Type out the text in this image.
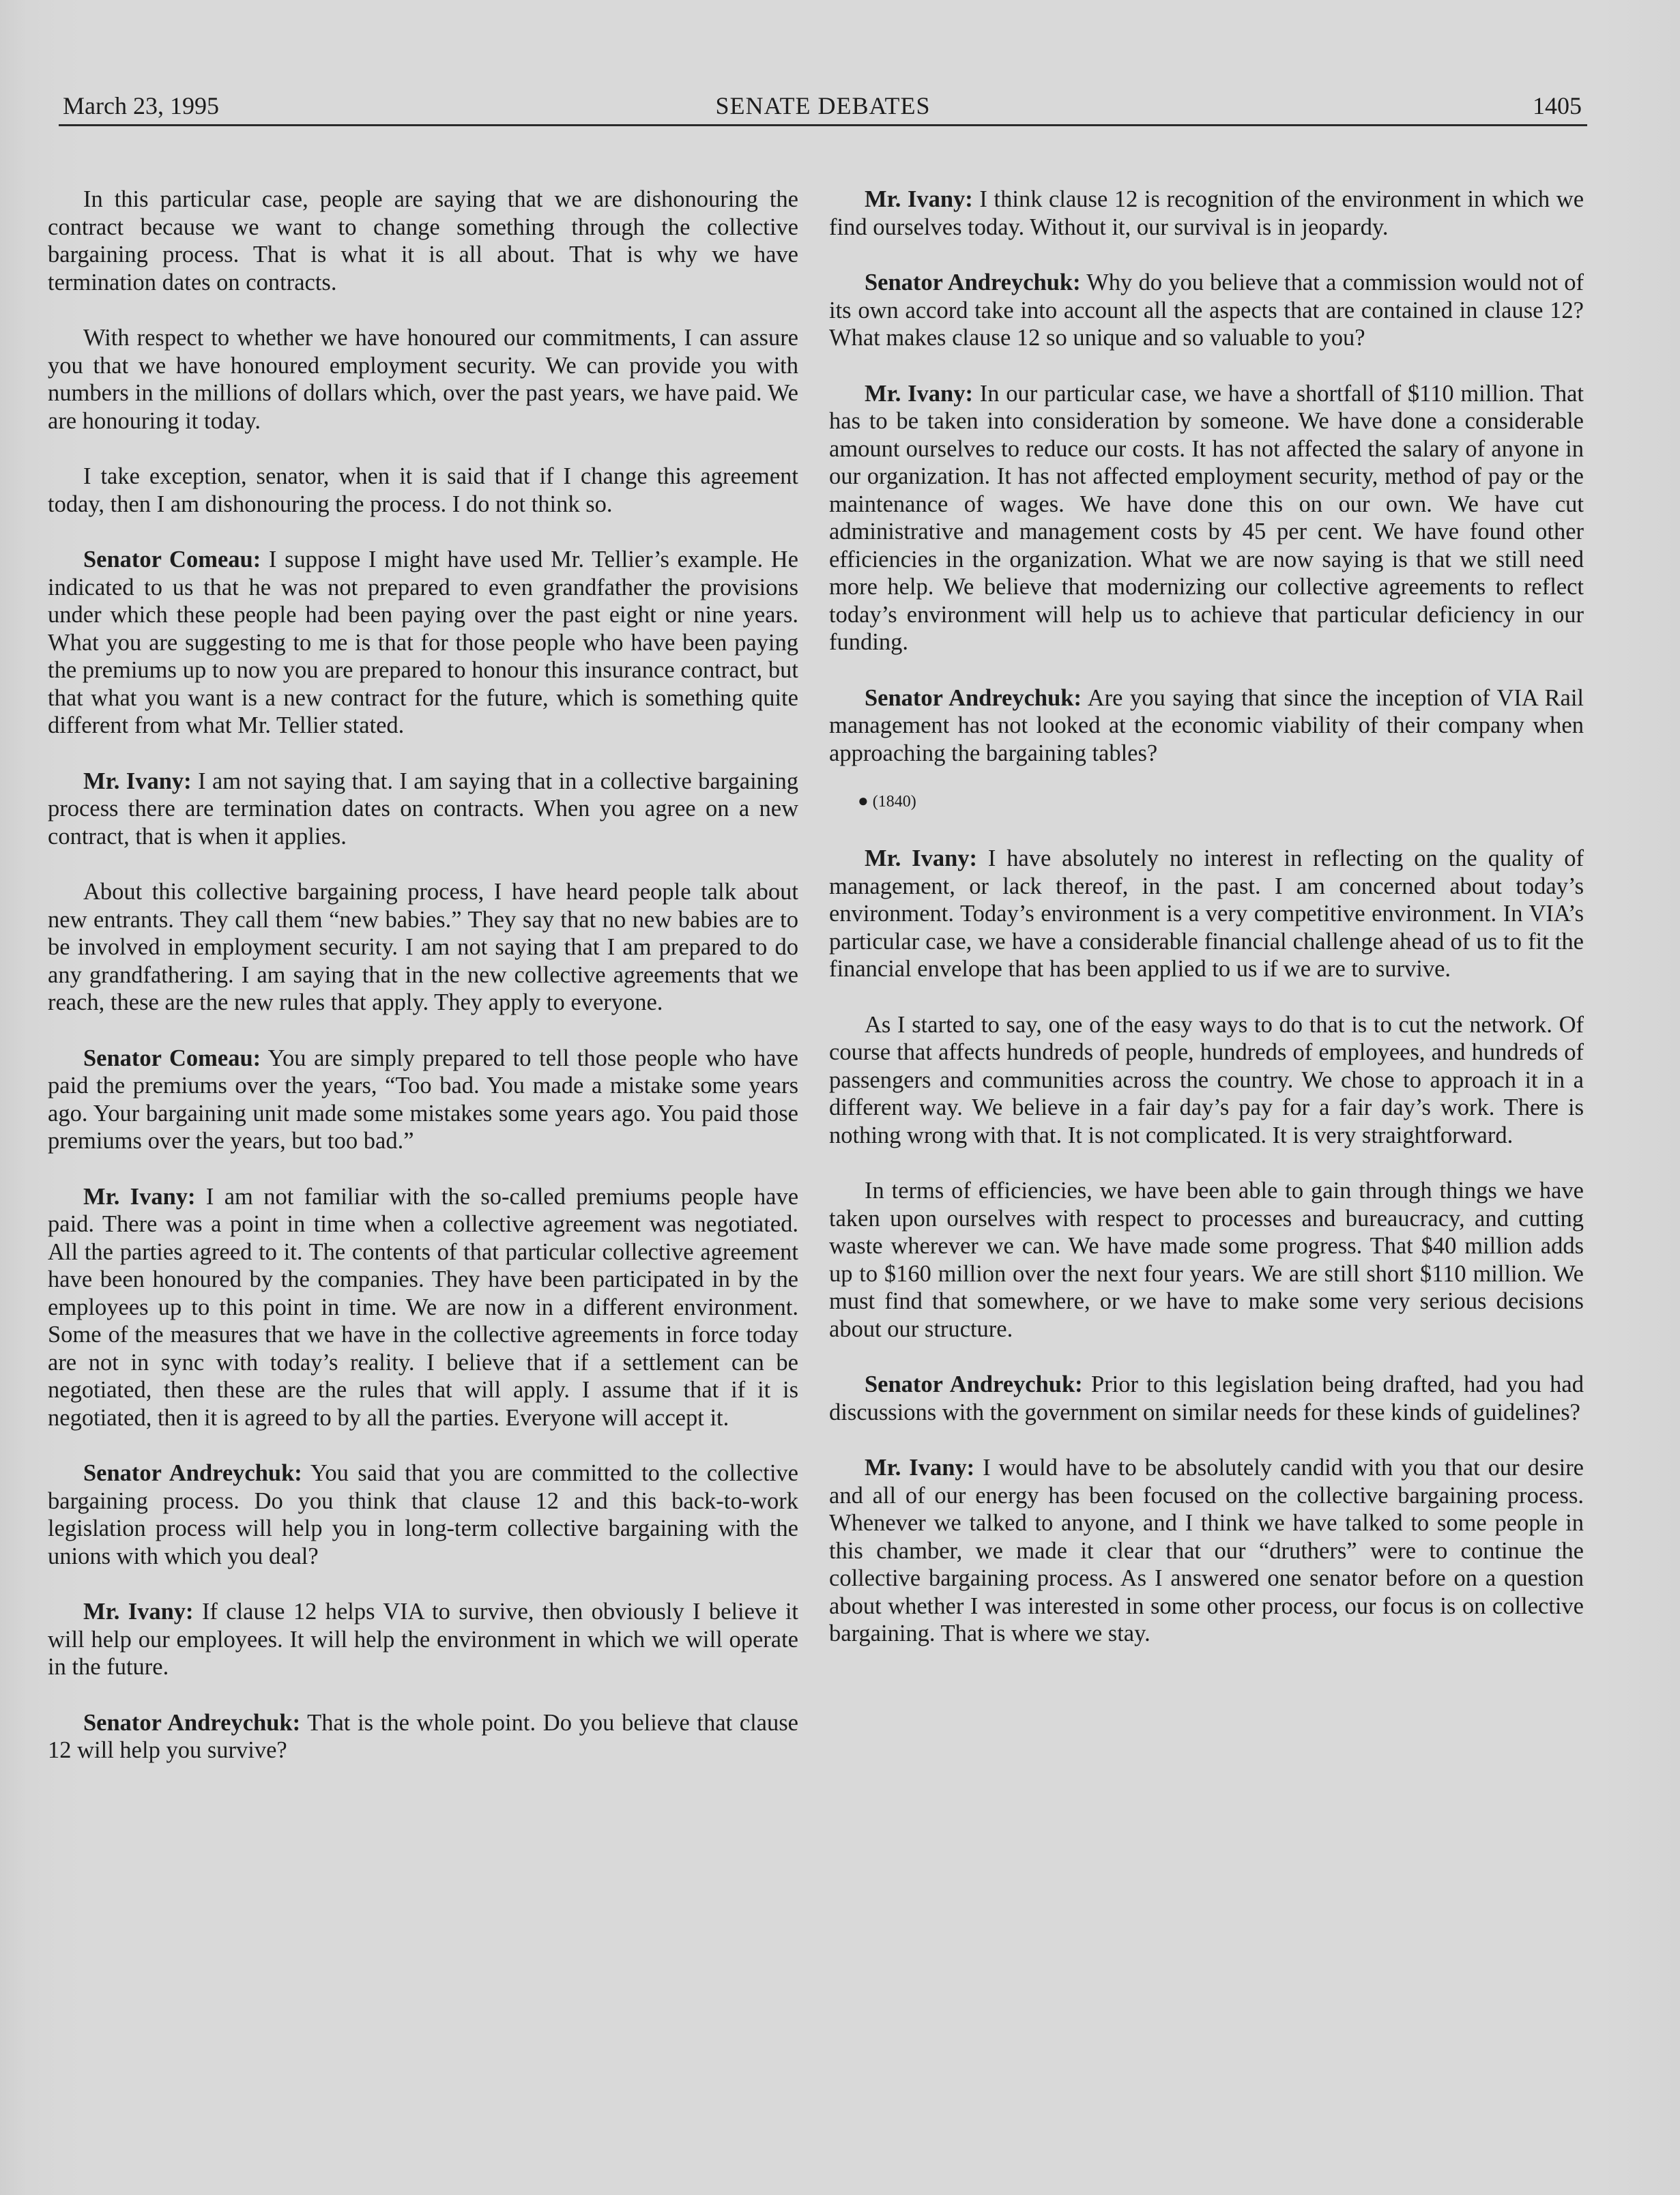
March 23, 1995	SENATE DEBATES	1405

In this particular case, people are saying that we are dishonouring the contract because we want to change something through the collective bargaining process. That is what it is all about. That is why we have termination dates on contracts.

With respect to whether we have honoured our commitments, I can assure you that we have honoured employment security. We can provide you with numbers in the millions of dollars which, over the past years, we have paid. We are honouring it today.

I take exception, senator, when it is said that if I change this agreement today, then I am dishonouring the process. I do not think so.

Senator Comeau: I suppose I might have used Mr. Tellier’s example. He indicated to us that he was not prepared to even grandfather the provisions under which these people had been paying over the past eight or nine years. What you are suggesting to me is that for those people who have been paying the premiums up to now you are prepared to honour this insurance contract, but that what you want is a new contract for the future, which is something quite different from what Mr. Tellier stated.

Mr. Ivany: I am not saying that. I am saying that in a collective bargaining process there are termination dates on contracts. When you agree on a new contract, that is when it applies.

About this collective bargaining process, I have heard people talk about new entrants. They call them “new babies.” They say that no new babies are to be involved in employment security. I am not saying that I am prepared to do any grandfathering. I am saying that in the new collective agreements that we reach, these are the new rules that apply. They apply to everyone.

Senator Comeau: You are simply prepared to tell those people who have paid the premiums over the years, “Too bad. You made a mistake some years ago. Your bargaining unit made some mistakes some years ago. You paid those premiums over the years, but too bad.”

Mr. Ivany: I am not familiar with the so-called premiums people have paid. There was a point in time when a collective agreement was negotiated. All the parties agreed to it. The contents of that particular collective agreement have been honoured by the companies. They have been participated in by the employees up to this point in time. We are now in a different environment. Some of the measures that we have in the collective agreements in force today are not in sync with today’s reality. I believe that if a settlement can be negotiated, then these are the rules that will apply. I assume that if it is negotiated, then it is agreed to by all the parties. Everyone will accept it.

Senator Andreychuk: You said that you are committed to the collective bargaining process. Do you think that clause 12 and this back-to-work legislation process will help you in long-term collective bargaining with the unions with which you deal?

Mr. Ivany: If clause 12 helps VIA to survive, then obviously I believe it will help our employees. It will help the environment in which we will operate in the future.

Senator Andreychuk: That is the whole point. Do you believe that clause 12 will help you survive?

Mr. Ivany: I think clause 12 is recognition of the environment in which we find ourselves today. Without it, our survival is in jeopardy.

Senator Andreychuk: Why do you believe that a commission would not of its own accord take into account all the aspects that are contained in clause 12? What makes clause 12 so unique and so valuable to you?

Mr. Ivany: In our particular case, we have a shortfall of $110 million. That has to be taken into consideration by someone. We have done a considerable amount ourselves to reduce our costs. It has not affected the salary of anyone in our organization. It has not affected employment security, method of pay or the maintenance of wages. We have done this on our own. We have cut administrative and management costs by 45 per cent. We have found other efficiencies in the organization. What we are now saying is that we still need more help. We believe that modernizing our collective agreements to reflect today’s environment will help us to achieve that particular deficiency in our funding.

Senator Andreychuk: Are you saying that since the inception of VIA Rail management has not looked at the economic viability of their company when approaching the bargaining tables?

● (1840)

Mr. Ivany: I have absolutely no interest in reflecting on the quality of management, or lack thereof, in the past. I am concerned about today’s environment. Today’s environment is a very competitive environment. In VIA’s particular case, we have a considerable financial challenge ahead of us to fit the financial envelope that has been applied to us if we are to survive.

As I started to say, one of the easy ways to do that is to cut the network. Of course that affects hundreds of people, hundreds of employees, and hundreds of passengers and communities across the country. We chose to approach it in a different way. We believe in a fair day’s pay for a fair day’s work. There is nothing wrong with that. It is not complicated. It is very straightforward.

In terms of efficiencies, we have been able to gain through things we have taken upon ourselves with respect to processes and bureaucracy, and cutting waste wherever we can. We have made some progress. That $40 million adds up to $160 million over the next four years. We are still short $110 million. We must find that somewhere, or we have to make some very serious decisions about our structure.

Senator Andreychuk: Prior to this legislation being drafted, had you had discussions with the government on similar needs for these kinds of guidelines?

Mr. Ivany: I would have to be absolutely candid with you that our desire and all of our energy has been focused on the collective bargaining process. Whenever we talked to anyone, and I think we have talked to some people in this chamber, we made it clear that our “druthers” were to continue the collective bargaining process. As I answered one senator before on a question about whether I was interested in some other process, our focus is on collective bargaining. That is where we stay.
